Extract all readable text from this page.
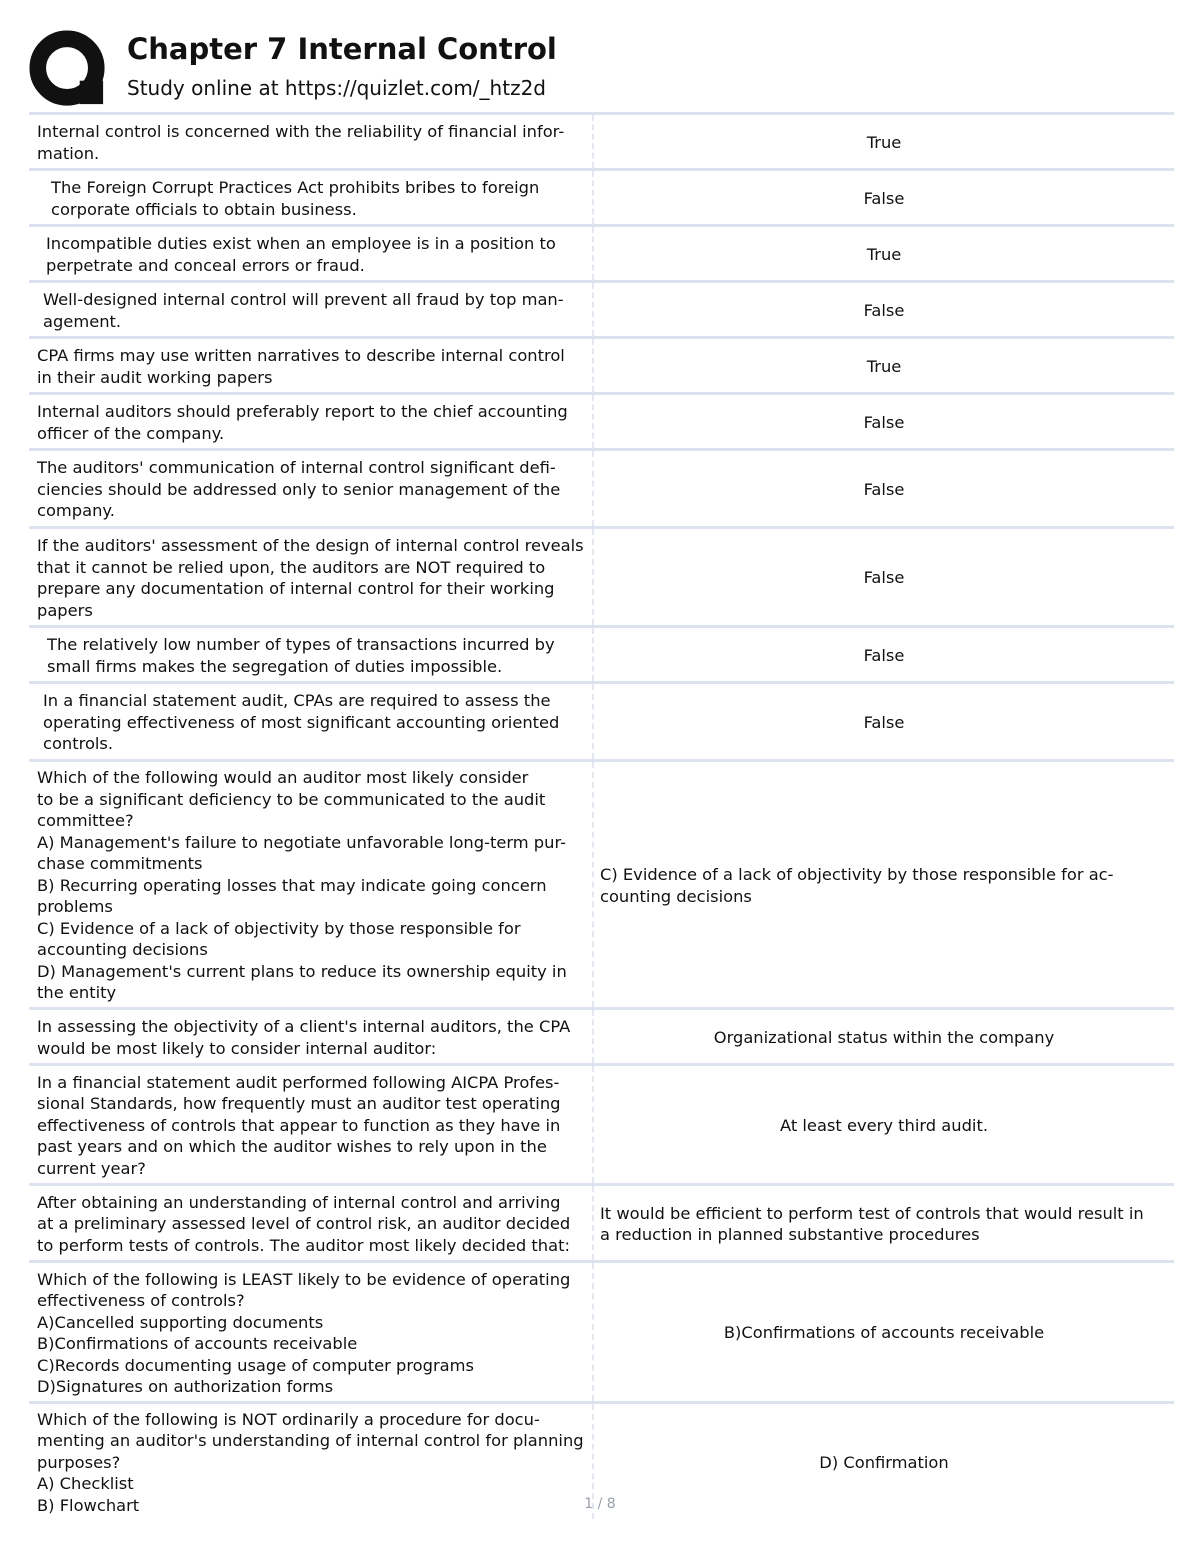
Chapter 7 Internal Control
Study online at https://quizlet.com/_htz2d
Internal control is concerned with the reliability of financial infor-
mation.
True
The Foreign Corrupt Practices Act prohibits bribes to foreign
corporate officials to obtain business.
False
Incompatible duties exist when an employee is in a position to
perpetrate and conceal errors or fraud.
True
Well-designed internal control will prevent all fraud by top man-
agement.
False
CPA firms may use written narratives to describe internal control
in their audit working papers
True
Internal auditors should preferably report to the chief accounting
officer of the company.
False
The auditors' communication of internal control significant defi-
ciencies should be addressed only to senior management of the
company.
False
If the auditors' assessment of the design of internal control reveals
that it cannot be relied upon, the auditors are NOT required to
prepare any documentation of internal control for their working
papers
False
The relatively low number of types of transactions incurred by
small firms makes the segregation of duties impossible.
False
In a financial statement audit, CPAs are required to assess the
operating effectiveness of most significant accounting oriented
controls.
False
Which of the following would an auditor most likely consider
to be a significant deficiency to be communicated to the audit
committee?
A) Management's failure to negotiate unfavorable long-term pur-
chase commitments
B) Recurring operating losses that may indicate going concern
problems
C) Evidence of a lack of objectivity by those responsible for
accounting decisions
D) Management's current plans to reduce its ownership equity in
the entity
C) Evidence of a lack of objectivity by those responsible for ac-
counting decisions
In assessing the objectivity of a client's internal auditors, the CPA
would be most likely to consider internal auditor:
Organizational status within the company
In a financial statement audit performed following AICPA Profes-
sional Standards, how frequently must an auditor test operating
effectiveness of controls that appear to function as they have in
past years and on which the auditor wishes to rely upon in the
current year?
At least every third audit.
After obtaining an understanding of internal control and arriving
at a preliminary assessed level of control risk, an auditor decided
to perform tests of controls. The auditor most likely decided that:
It would be efficient to perform test of controls that would result in
a reduction in planned substantive procedures
Which of the following is LEAST likely to be evidence of operating
effectiveness of controls?
A)Cancelled supporting documents
B)Confirmations of accounts receivable
C)Records documenting usage of computer programs
D)Signatures on authorization forms
B)Confirmations of accounts receivable
Which of the following is NOT ordinarily a procedure for docu-
menting an auditor's understanding of internal control for planning
purposes?
A) Checklist
B) Flowchart
D) Confirmation
1 / 8
